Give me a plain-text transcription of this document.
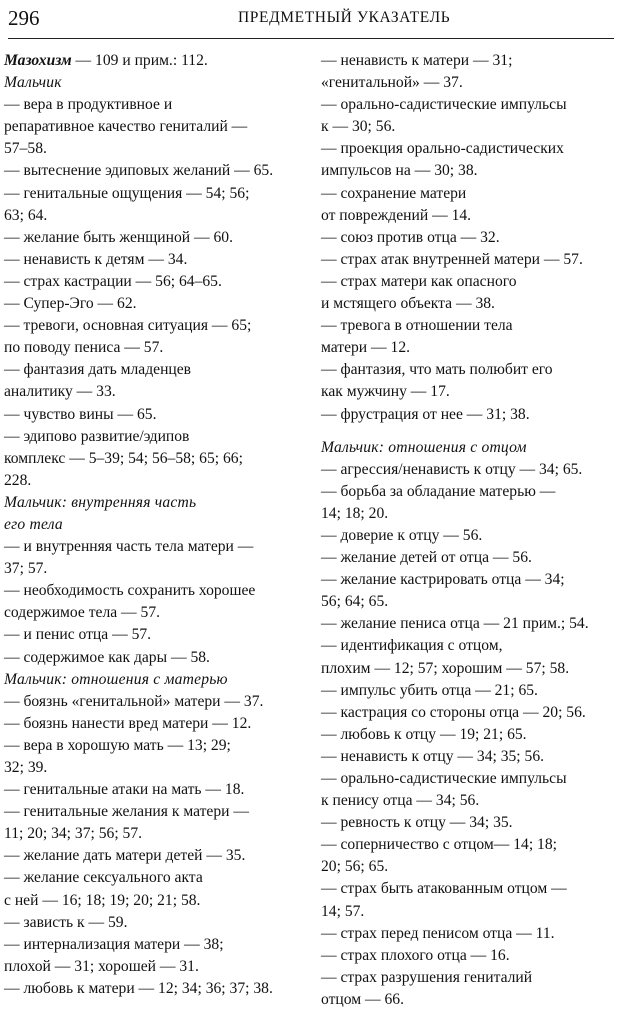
296	ПРЕДМЕТНЫЙ УКАЗАТЕЛЬ
Мазохизм — 109 и прим.: 112.
Мальчик
— вера в продуктивное и
репаративное качество гениталий —
57–58.
— вытеснение эдиповых желаний — 65.
— генитальные ощущения — 54; 56;
63; 64.
— желание быть женщиной — 60.
— ненависть к детям — 34.
— страх кастрации — 56; 64–65.
— Супер-Эго — 62.
— тревоги, основная ситуация — 65;
по поводу пениса — 57.
— фантазия дать младенцев
аналитику — 33.
— чувство вины — 65.
— эдипово развитие/эдипов
комплекс — 5–39; 54; 56–58; 65; 66;
228.
Мальчик: внутренняя часть
его тела
— и внутренняя часть тела матери —
37; 57.
— необходимость сохранить хорошее
содержимое тела — 57.
— и пенис отца — 57.
— содержимое как дары — 58.
Мальчик: отношения с матерью
— боязнь «генитальной» матери — 37.
— боязнь нанести вред матери — 12.
— вера в хорошую мать — 13; 29;
32; 39.
— генитальные атаки на мать — 18.
— генитальные желания к матери —
11; 20; 34; 37; 56; 57.
— желание дать матери детей — 35.
— желание сексуального акта
с ней — 16; 18; 19; 20; 21; 58.
— зависть к — 59.
— интернализация матери — 38;
плохой — 31; хорошей — 31.
— любовь к матери — 12; 34; 36; 37; 38.
— ненависть к матери — 31;
«генитальной» — 37.
— орально-садистические импульсы
к — 30; 56.
— проекция орально-садистических
импульсов на — 30; 38.
— сохранение матери
от повреждений — 14.
— союз против отца — 32.
— страх атак внутренней матери — 57.
— страх матери как опасного
и мстящего объекта — 38.
— тревога в отношении тела
матери — 12.
— фантазия, что мать полюбит его
как мужчину — 17.
— фрустрация от нее — 31; 38.
Мальчик: отношения с отцом
— агрессия/ненависть к отцу — 34; 65.
— борьба за обладание матерью —
14; 18; 20.
— доверие к отцу — 56.
— желание детей от отца — 56.
— желание кастрировать отца — 34;
56; 64; 65.
— желание пениса отца — 21 прим.; 54.
— идентификация с отцом,
плохим — 12; 57; хорошим — 57; 58.
— импульс убить отца — 21; 65.
— кастрация со стороны отца — 20; 56.
— любовь к отцу — 19; 21; 65.
— ненависть к отцу — 34; 35; 56.
— орально-садистические импульсы
к пенису отца — 34; 56.
— ревность к отцу — 34; 35.
— соперничество с отцом— 14; 18;
20; 56; 65.
— страх быть атакованным отцом —
14; 57.
— страх перед пенисом отца — 11.
— страх плохого отца — 16.
— страх разрушения гениталий
отцом — 66.
